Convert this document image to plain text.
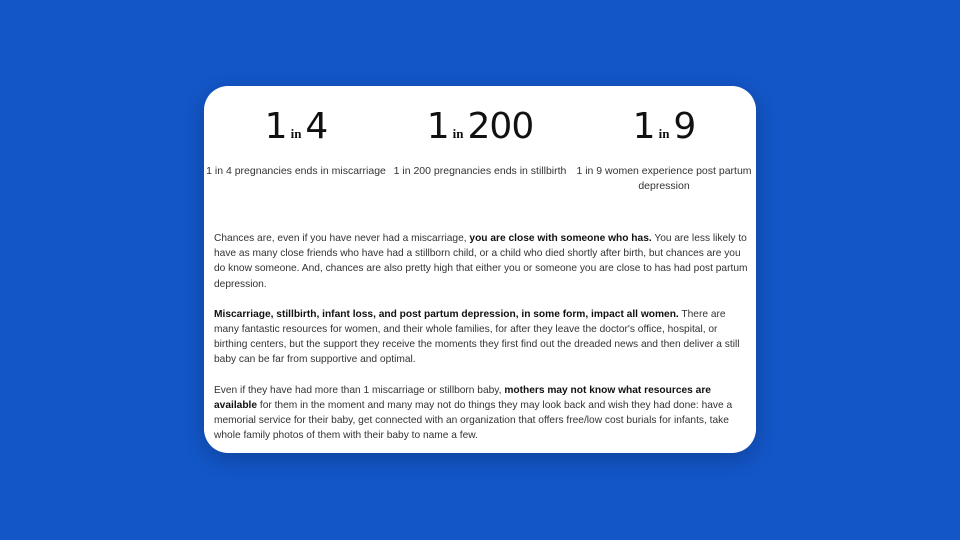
1 in 4
1 in 4 pregnancies ends in miscarriage
1 in 200
1 in 200 pregnancies ends in stillbirth
1 in 9
1 in 9 women experience post partum depression

Chances are, even if you have never had a miscarriage, you are close with someone who has. You are less likely to have as many close friends who have had a stillborn child, or a child who died shortly after birth, but chances are you do know someone. And, chances are also pretty high that either you or someone you are close to has had post partum depression.

Miscarriage, stillbirth, infant loss, and post partum depression, in some form, impact all women. There are many fantastic resources for women, and their whole families, for after they leave the doctor's office, hospital, or birthing centers, but the support they receive the moments they first find out the dreaded news and then deliver a still baby can be far from supportive and optimal.

Even if they have had more than 1 miscarriage or stillborn baby, mothers may not know what resources are available for them in the moment and many may not do things they may look back and wish they had done: have a memorial service for their baby, get connected with an organization that offers free/low cost burials for infants, take whole family photos of them with their baby to name a few.
